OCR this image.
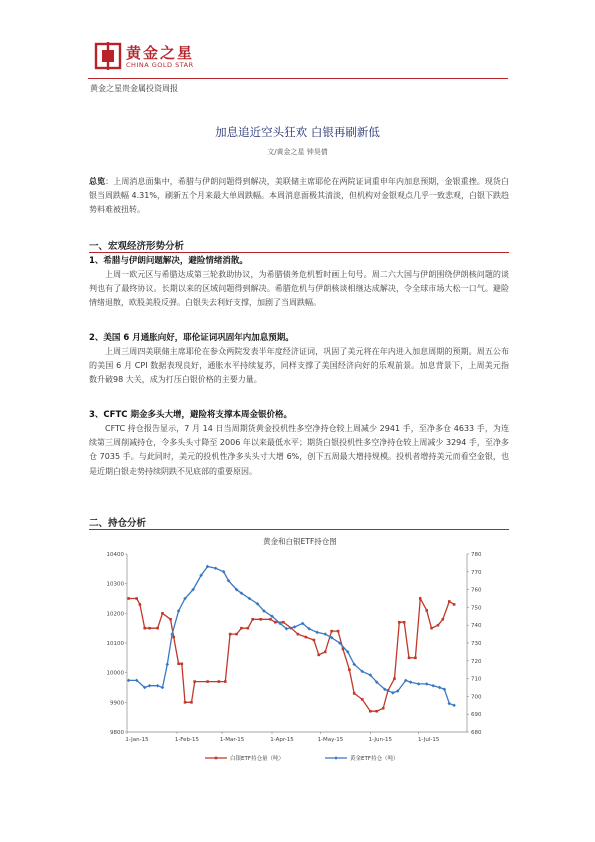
黄金之星
CHINA GOLD STAR
黄金之星贵金属投资周报
加息追近空头狂欢 白银再刷新低
文/黄金之星 钟昊倩
总览：上周消息面集中，希腊与伊朗问题得到解决，美联储主席耶伦在两院证词重申年内加息预期，金银重挫。现货白银当周跌幅 4.31%，刷新五个月来最大单周跌幅。本周消息面极其清淡，但机构对金银观点几乎一致悲观，白银下跌趋势料难被扭转。
一、宏观经济形势分析
1、希腊与伊朗问题解决，避险情绪消散。
上周一欧元区与希腊达成第三轮救助协议，为希腊债务危机暂时画上句号。周二六大国与伊朗围绕伊朗核问题的谈判也有了最终协议。长期以来的区域问题得到解决。希腊危机与伊朗核谈相继达成解决，令全球市场大松一口气。避险情绪退散，欧股美股反弹。白银失去利好支撑，加剧了当周跌幅。
2、美国 6 月通胀向好，耶伦证词巩固年内加息预期。
上周三周四美联储主席耶伦在参众两院发表半年度经济证词，巩固了美元将在年内进入加息周期的预期。周五公布的美国 6 月 CPI 数据表现良好，通胀水平持续复苏，同样支撑了美国经济向好的乐观前景。加息背景下，上周美元指数升破98 大关，成为打压白银价格的主要力量。
3、CFTC 期金多头大增，避险将支撑本周金银价格。
CFTC 持仓报告显示，7 月 14 日当周期货黄金投机性多空净持仓较上周减少 2941 手，至净多仓 4633 手，为连续第三周削减持仓，令多头头寸降至 2006 年以来最低水平；期货白银投机性多空净持仓较上周减少 3294 手，至净多仓 7035 手。与此同时，美元的投机性净多头头寸大增 6%，创下五周最大增持规模。投机者增持美元而看空金银，也是近期白银走势持续阴跌不见底部的重要原因。
二、持仓分析
黄金和白银ETF持仓图
9800
9900
10000
10100
10200
10300
10400
680
690
700
710
720
730
740
750
760
770
780
1-Jan-15	1-Feb-15	1-Mar-15	1-Apr-15	1-May-15	1-Jun-15	1-Jul-15
白银ETF持仓量（吨）	黄金ETF持仓（吨）
